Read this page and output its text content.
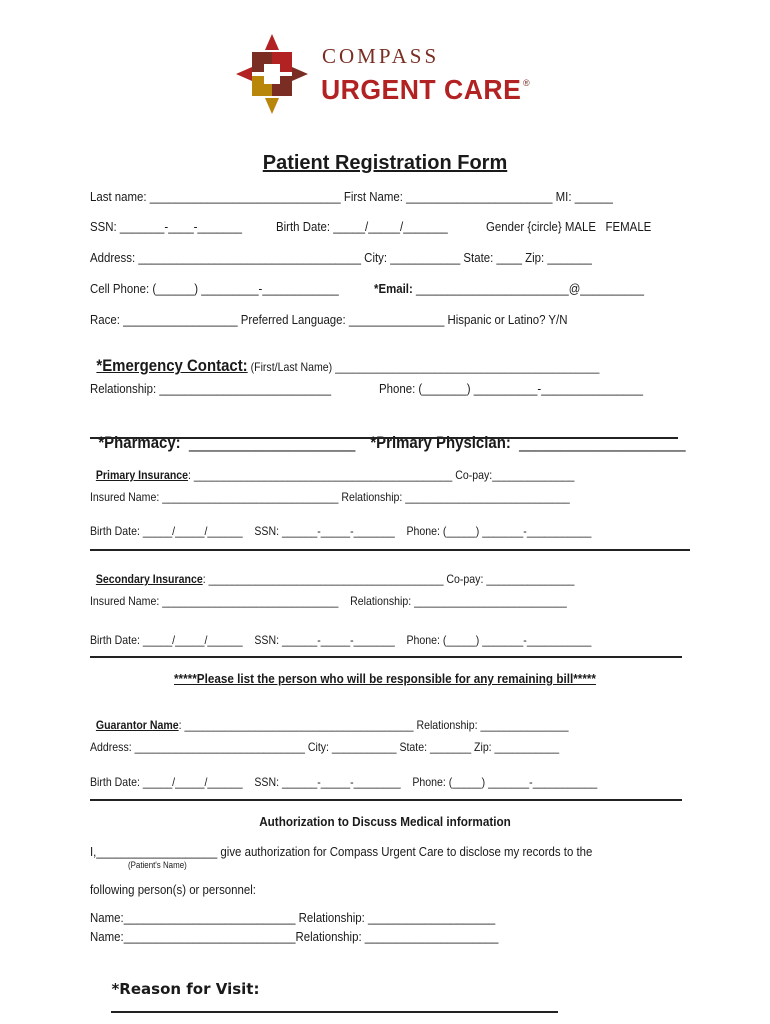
COMPASS
URGENT CARE ®
Patient Registration Form
Last name: ______________________________ First Name: _______________________ MI: ______
SSN: _______-____-_______	Birth Date: _____/_____/_______	Gender {circle} MALE   FEMALE
Address: ___________________________________ City: ___________ State: ____ Zip: _______
Cell Phone: (______) _________-____________	*Email: ________________________@__________
Race: __________________ Preferred Language: _______________ Hispanic or Latino? Y/N

*Emergency Contact: (First/Last Name) _____________________________________________

Relationship: ___________________________	Phone: (_______) __________-________________

*Pharmacy:  ____________________ *Primary Physician:  ____________________

Primary Insurance: ____________________________________________ Co-pay:______________

Insured Name: ______________________________ Relationship: ____________________________
Birth Date: _____/_____/______    SSN: ______-_____-_______    Phone: (_____) _______-___________

Secondary Insurance: ________________________________________ Co-pay: _______________

Insured Name: ______________________________    Relationship: __________________________
Birth Date: _____/_____/______    SSN: ______-_____-_______    Phone: (_____) _______-___________
*****Please list the person who will be responsible for any remaining bill*****

Guarantor Name: _______________________________________ Relationship: _______________

Address: _____________________________ City: ___________ State: _______ Zip: ___________
Birth Date: _____/_____/______    SSN: ______-_____-________    Phone: (_____) _______-___________
Authorization to Discuss Medical information
I,___________________ give authorization for Compass Urgent Care to disclose my records to the
(Patient's Name)
following person(s) or personnel:
Name:___________________________ Relationship: ____________________
Name:___________________________Relationship: _____________________

*Reason for Visit:
